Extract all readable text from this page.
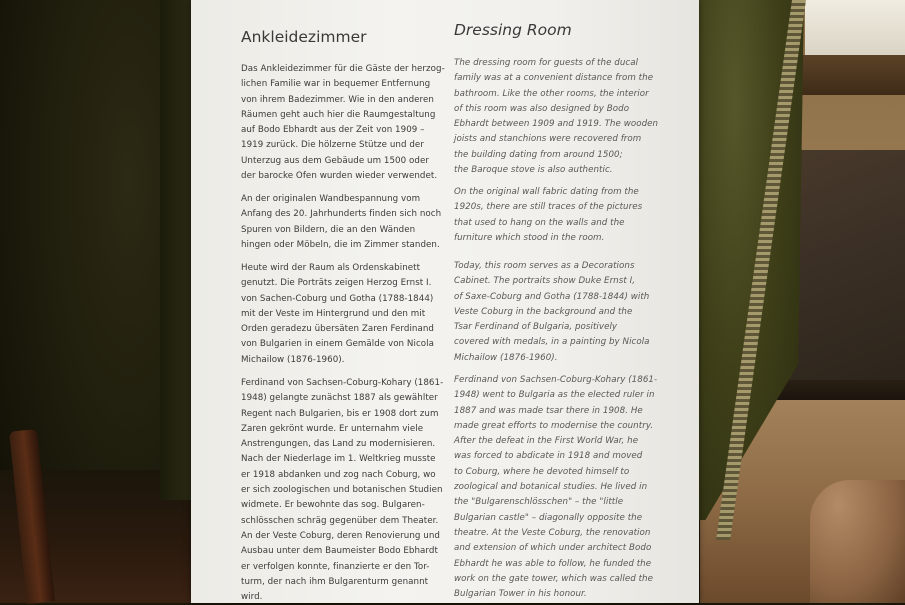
Ankleidezimmer
Das Ankleidezimmer für die Gäste der herzog-
lichen Familie war in bequemer Entfernung
von ihrem Badezimmer. Wie in den anderen
Räumen geht auch hier die Raumgestaltung
auf Bodo Ebhardt aus der Zeit von 1909 –
1919 zurück. Die hölzerne Stütze und der
Unterzug aus dem Gebäude um 1500 oder
der barocke Ofen wurden wieder verwendet.
An der originalen Wandbespannung vom
Anfang des 20. Jahrhunderts finden sich noch
Spuren von Bildern, die an den Wänden
hingen oder Möbeln, die im Zimmer standen.
Heute wird der Raum als Ordenskabinett
genutzt. Die Porträts zeigen Herzog Ernst I.
von Sachen-Coburg und Gotha (1788-1844)
mit der Veste im Hintergrund und den mit
Orden geradezu übersäten Zaren Ferdinand
von Bulgarien in einem Gemälde von Nicola
Michailow (1876-1960).
Ferdinand von Sachsen-Coburg-Kohary (1861-
1948) gelangte zunächst 1887 als gewählter
Regent nach Bulgarien, bis er 1908 dort zum
Zaren gekrönt wurde. Er unternahm viele
Anstrengungen, das Land zu modernisieren.
Nach der Niederlage im 1. Weltkrieg musste
er 1918 abdanken und zog nach Coburg, wo
er sich zoologischen und botanischen Studien
widmete. Er bewohnte das sog. Bulgaren-
schlösschen schräg gegenüber dem Theater.
An der Veste Coburg, deren Renovierung und
Ausbau unter dem Baumeister Bodo Ebhardt
er verfolgen konnte, finanzierte er den Tor-
turm, der nach ihm Bulgarenturm genannt
wird.
Dressing Room
The dressing room for guests of the ducal
family was at a convenient distance from the
bathroom. Like the other rooms, the interior
of this room was also designed by Bodo
Ebhardt between 1909 and 1919. The wooden
joists and stanchions were recovered from
the building dating from around 1500;
the Baroque stove is also authentic.
On the original wall fabric dating from the
1920s, there are still traces of the pictures
that used to hang on the walls and the
furniture which stood in the room.
Today, this room serves as a Decorations
Cabinet. The portraits show Duke Ernst I,
of Saxe-Coburg and Gotha (1788-1844) with
Veste Coburg in the background and the
Tsar Ferdinand of Bulgaria, positively
covered with medals, in a painting by Nicola
Michailow (1876-1960).
Ferdinand von Sachsen-Coburg-Kohary (1861-
1948) went to Bulgaria as the elected ruler in
1887 and was made tsar there in 1908. He
made great efforts to modernise the country.
After the defeat in the First World War, he
was forced to abdicate in 1918 and moved
to Coburg, where he devoted himself to
zoological and botanical studies. He lived in
the "Bulgarenschlösschen" – the "little
Bulgarian castle" – diagonally opposite the
theatre. At the Veste Coburg, the renovation
and extension of which under architect Bodo
Ebhardt he was able to follow, he funded the
work on the gate tower, which was called the
Bulgarian Tower in his honour.
